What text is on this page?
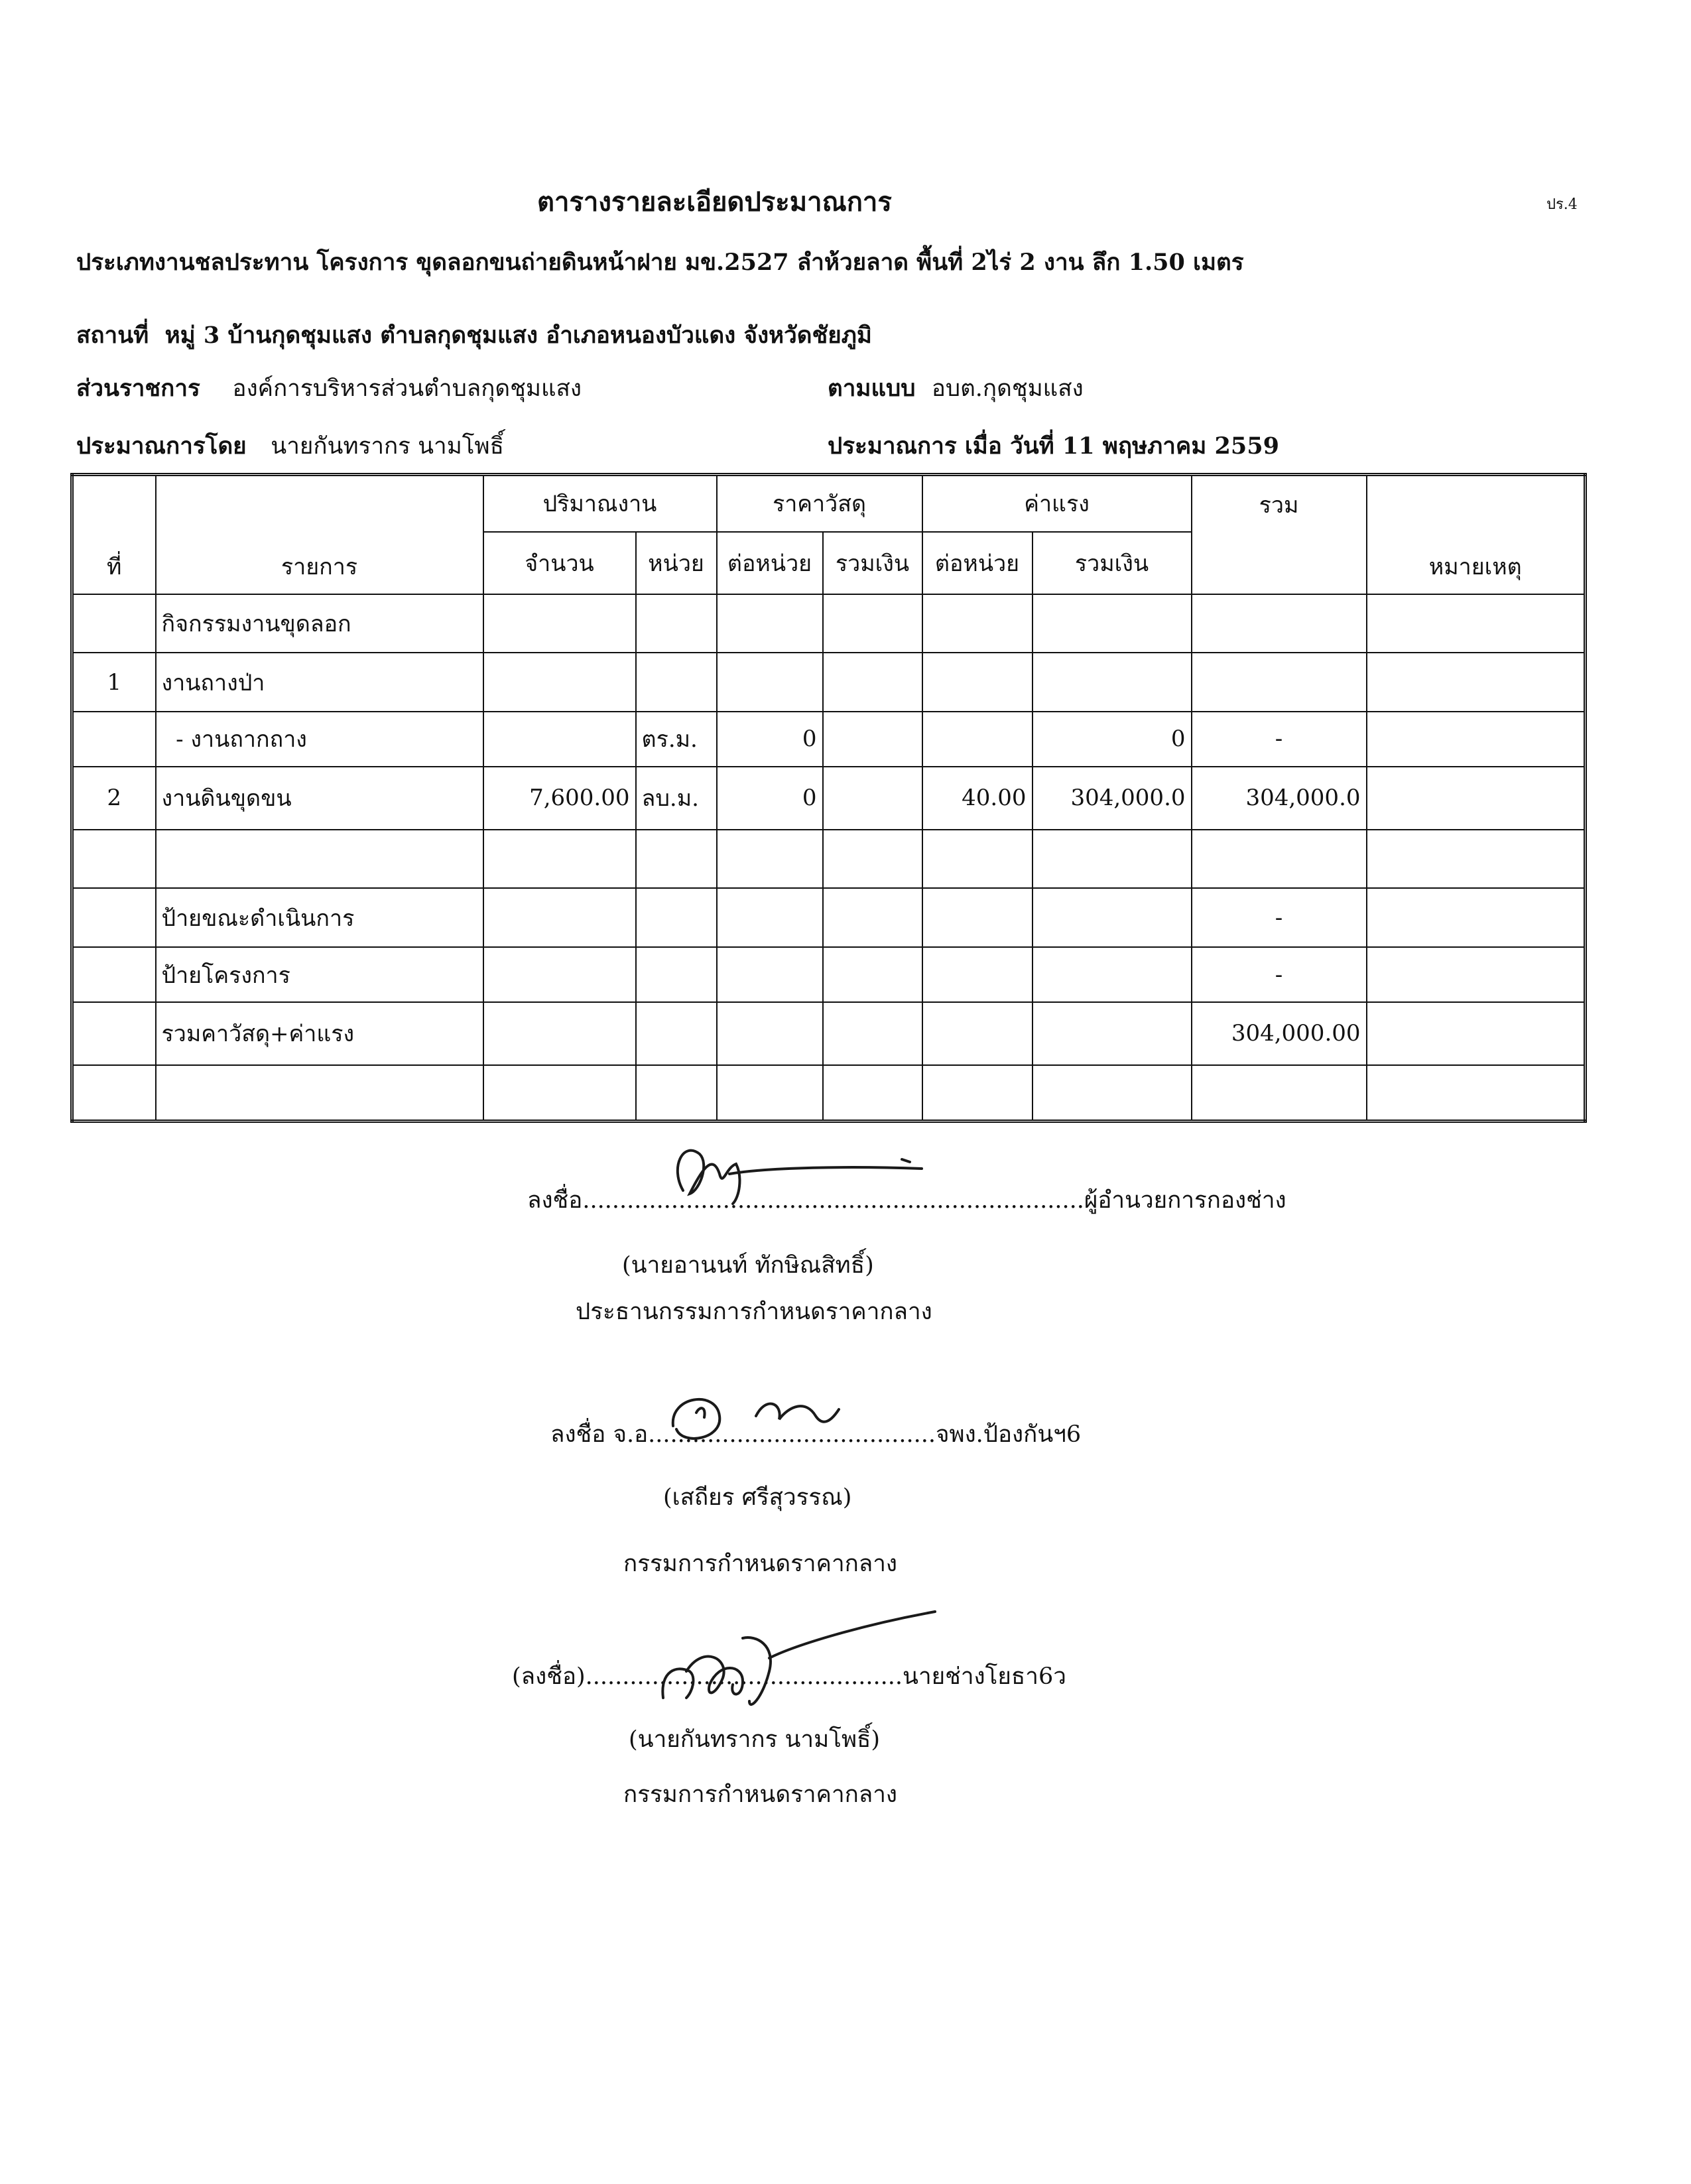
ปร.4
ตารางรายละเอียดประมาณการ
ประเภทงานชลประทาน โครงการ ขุดลอกขนถ่ายดินหน้าฝาย มข.2527 ลำห้วยลาด พื้นที่ 2ไร่ 2 งาน ลึก 1.50 เมตร
สถานที่ หมู่ 3 บ้านกุดชุมแสง ตำบลกุดชุมแสง อำเภอหนองบัวแดง จังหวัดชัยภูมิ
ส่วนราชการ องค์การบริหารส่วนตำบลกุดชุมแสง	ตามแบบ อบต.กุดชุมแสง
ประมาณการโดย นายกันทรากร นามโพธิ์	ประมาณการ เมื่อ วันที่ 11 พฤษภาคม 2559
ที่	รายการ	ปริมาณงาน		ราคาวัสดุ		ค่าแรง		รวม	หมายเหตุ
		จำนวน	หน่วย	ต่อหน่วย	รวมเงิน	ต่อหน่วย	รวมเงิน		
	กิจกรรมงานขุดลอก								
1	งานถางป่า								
	- งานถากถาง		ตร.ม.	0			0	-	
2	งานดินขุดขน	7,600.00	ลบ.ม.	0		40.00	304,000.0	304,000.0	

	ป้ายขณะดำเนินการ							-	
	ป้ายโครงการ							-	
	รวมคาวัสดุ+ค่าแรง							304,000.00	

ลงชื่อ....................................................................ผู้อำนวยการกองช่าง
(นายอานนท์ ทักษิณสิทธิ์)
ประธานกรรมการกำหนดราคากลาง
ลงชื่อ จ.อ.......................................จพง.ป้องกันฯ6
(เสถียร ศรีสุวรรณ)
กรรมการกำหนดราคากลาง
(ลงชื่อ)...........................................นายช่างโยธา6ว
(นายกันทรากร นามโพธิ์)
กรรมการกำหนดราคากลาง
